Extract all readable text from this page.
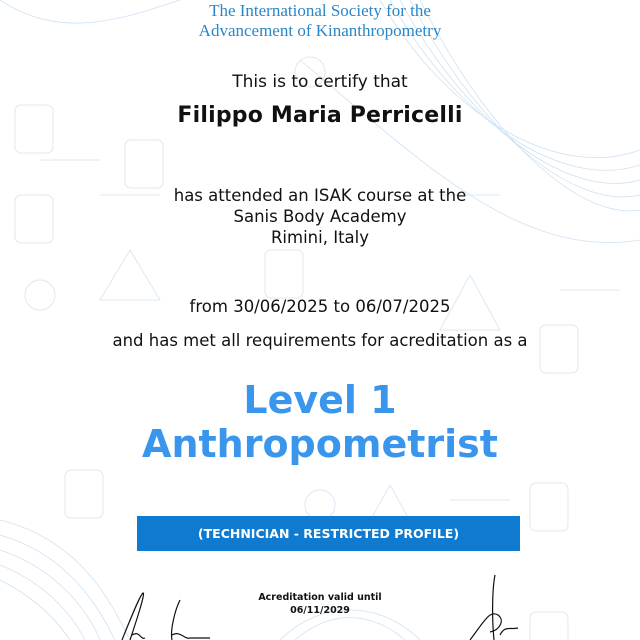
The International Society for the
Advancement of Kinanthropometry
This is to certify that
Filippo Maria Perricelli
has attended an ISAK course at the
Sanis Body Academy
Rimini, Italy
from 30/06/2025 to 06/07/2025
and has met all requirements for acreditation as a
Level 1
Anthropometrist
(TECHNICIAN - RESTRICTED PROFILE)
Acreditation valid until
06/11/2029
